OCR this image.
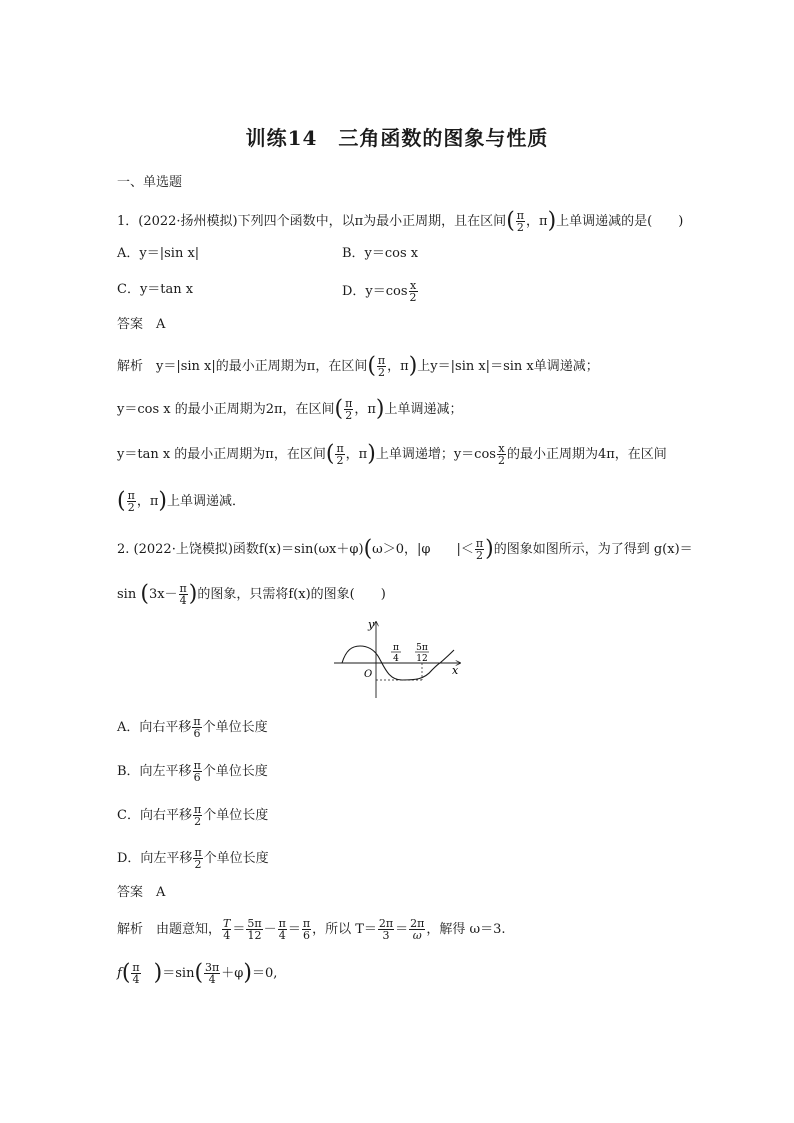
训练14　三角函数的图象与性质
一、单选题
1．(2022·扬州模拟)下列四个函数中，以π为最小正周期，且在区间( $\frac{\pi}{2}$ ，π)上单调递减的是(　　)
A．y＝|sin x|	B．y＝cos x
C．y＝tan x	D．$y=\cos \frac{x}{2}$
答案　A
解析　y＝|sin x|的最小正周期为π，在区间( $\frac{\pi}{2}$ ，π)上y＝|sin x|＝sin x单调递减；
y＝cos x 的最小正周期为2π，在区间( $\frac{\pi}{2}$ ，π)上单调递减；
y＝tan x 的最小正周期为π，在区间( $\frac{\pi}{2}$ ，π)上单调递增；$y=\cos \frac{x}{2}$ 的最小正周期为4π，在区间
( $\frac{\pi}{2}$ ，π)上单调递减．
2. (2022·上饶模拟)函数f(x)＝sin(ωx＋φ)(ω＞0，|φ　　|＜ $\frac{\pi}{2}$ )的图象如图所示，为了得到 g(x)＝
$\sin (3x- \frac{\pi}{4}$ )的图象，只需将f(x)的图象(　　)
y
x
O
π
4
5π
12
A．向右平移 $\frac{\pi}{6}$ 个单位长度
B．向左平移 $\frac{\pi}{6}$ 个单位长度
C．向右平移 $\frac{\pi}{2}$ 个单位长度
D．向左平移 $\frac{\pi}{2}$ 个单位长度
答案　A
解析　由题意知， $\frac{T}{4} = \frac{5\pi}{12} - \frac{\pi}{4} = \frac{\pi}{6}$ ，所以 $T= \frac{2\pi}{3} = \frac{2\pi}{\omega}$ ，解得 ω＝3.
$f( \frac{\pi}{4} )=\sin( \frac{3\pi}{4} +\varphi)=0$,
